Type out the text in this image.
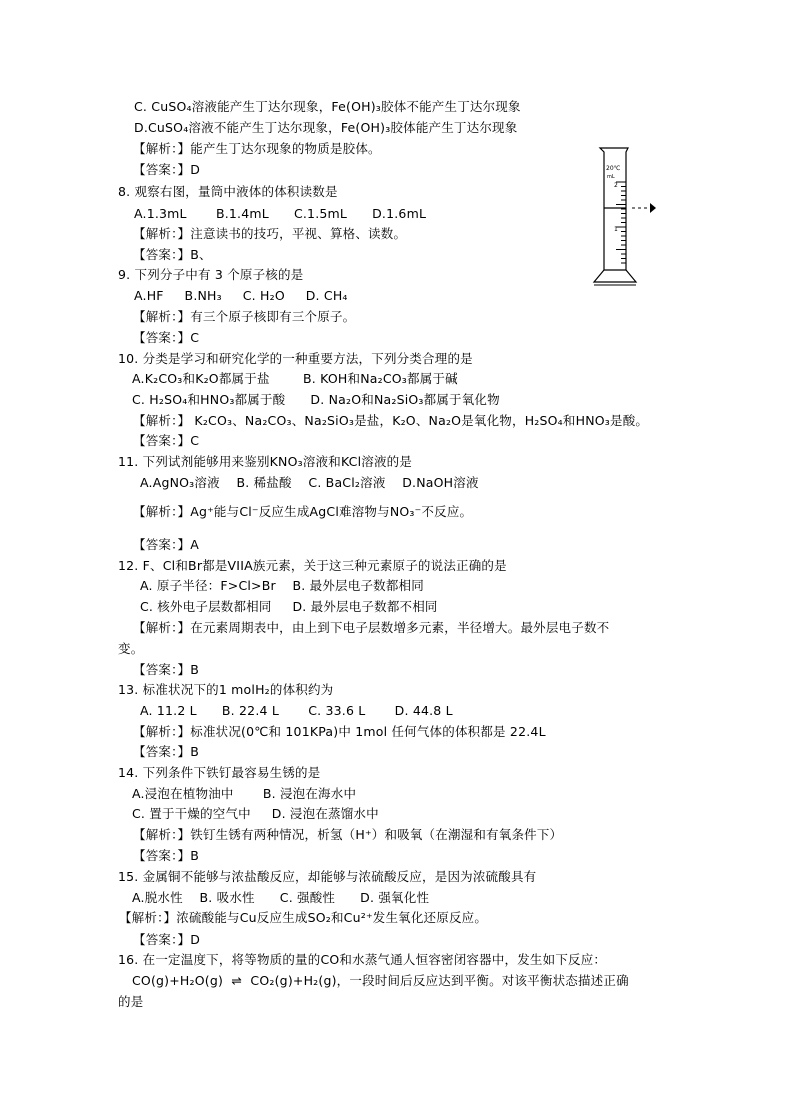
C. CuSO₄溶液能产生丁达尔现象，Fe(OH)₃胶体不能产生丁达尔现象
D.CuSO₄溶液不能产生丁达尔现象，Fe(OH)₃胶体能产生丁达尔现象
【解析：】能产生丁达尔现象的物质是胶体。
【答案：】D
8. 观察右图，量筒中液体的体积读数是
A.1.3mL       B.1.4mL      C.1.5mL      D.1.6mL
【解析：】注意读书的技巧，平视、算格、读数。
【答案：】B、
9. 下列分子中有 3 个原子核的是
A.HF     B.NH₃     C. H₂O     D. CH₄
【解析：】有三个原子核即有三个原子。
【答案：】C
10. 分类是学习和研究化学的一种重要方法，下列分类合理的是
A.K₂CO₃和K₂O都属于盐        B. KOH和Na₂CO₃都属于碱
C. H₂SO₄和HNO₃都属于酸      D. Na₂O和Na₂SiO₃都属于氧化物
【解析：】 K₂CO₃、Na₂CO₃、Na₂SiO₃是盐，K₂O、Na₂O是氧化物，H₂SO₄和HNO₃是酸。
【答案：】C
11. 下列试剂能够用来鉴别KNO₃溶液和KCl溶液的是
A.AgNO₃溶液    B. 稀盐酸    C. BaCl₂溶液    D.NaOH溶液
【解析：】Ag⁺能与Cl⁻反应生成AgCl难溶物与NO₃⁻不反应。
【答案：】A
12. F、Cl和Br都是VIIA族元素，关于这三种元素原子的说法正确的是
A. 原子半径：F>Cl>Br    B. 最外层电子数都相同
C. 核外电子层数都相同     D. 最外层电子数都不相同
【解析：】在元素周期表中，由上到下电子层数增多元素，半径增大。最外层电子数不
变。
【答案：】B
13. 标准状况下的1 molH₂的体积约为
A. 11.2 L      B. 22.4 L       C. 33.6 L       D. 44.8 L
【解析：】标准状况(0℃和 101KPa)中 1mol 任何气体的体积都是 22.4L
【答案：】B
14. 下列条件下铁钉最容易生锈的是
A.浸泡在植物油中       B. 浸泡在海水中
C. 置于干燥的空气中     D. 浸泡在蒸馏水中
【解析：】铁钉生锈有两种情况，析氢（H⁺）和吸氧（在潮湿和有氧条件下）
【答案：】B
15. 金属铜不能够与浓盐酸反应，却能够与浓硫酸反应，是因为浓硫酸具有
A.脱水性    B. 吸水性      C. 强酸性      D. 强氧化性
【解析：】浓硫酸能与Cu反应生成SO₂和Cu²⁺发生氧化还原反应。
【答案：】D
16. 在一定温度下，将等物质的量的CO和水蒸气通人恒容密闭容器中，发生如下反应：
CO(g)+H₂O(g)  ⇌  CO₂(g)+H₂(g)，一段时间后反应达到平衡。对该平衡状态描述正确
的是
20℃
mL
2
1
